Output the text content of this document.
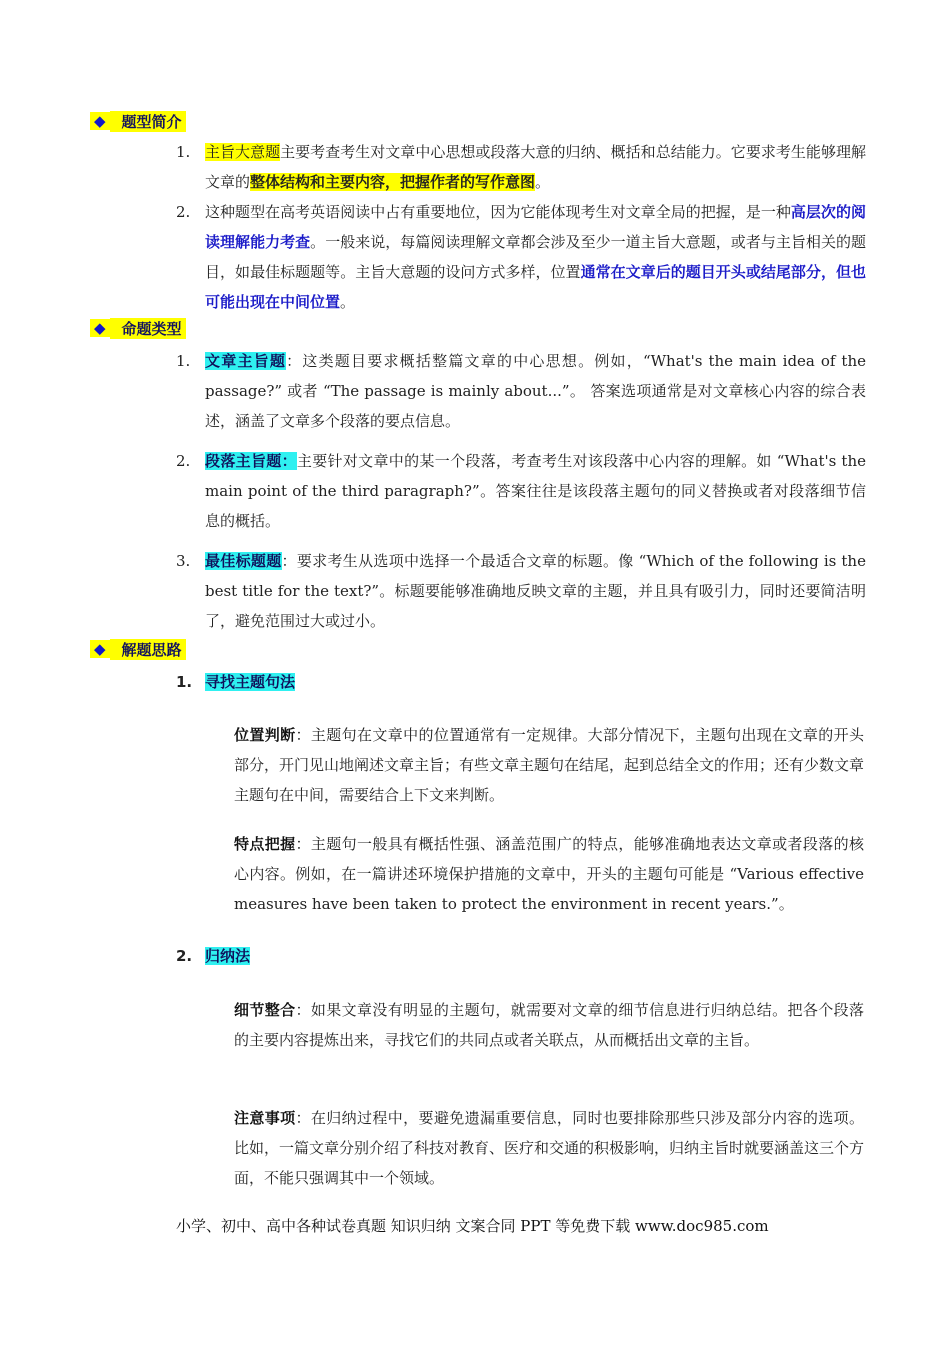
◆	题型简介
1. 主旨大意题主要考查考生对文章中心思想或段落大意的归纳、概括和总结能力。它要求考生能够理解文章的整体结构和主要内容，把握作者的写作意图。
2. 这种题型在高考英语阅读中占有重要地位，因为它能体现考生对文章全局的把握，是一种高层次的阅读理解能力考查。一般来说，每篇阅读理解文章都会涉及至少一道主旨大意题，或者与主旨相关的题目，如最佳标题题等。主旨大意题的设问方式多样，位置通常在文章后的题目开头或结尾部分，但也可能出现在中间位置。
◆	命题类型
1. 文章主旨题：这类题目要求概括整篇文章的中心思想。例如，“What's the main idea of the passage?” 或者 “The passage is mainly about...”。 答案选项通常是对文章核心内容的综合表述，涵盖了文章多个段落的要点信息。
2. 段落主旨题：主要针对文章中的某一个段落，考查考生对该段落中心内容的理解。如 “What's the main point of the third paragraph?”。答案往往是该段落主题句的同义替换或者对段落细节信息的概括。
3. 最佳标题题：要求考生从选项中选择一个最适合文章的标题。像 “Which of the following is the best title for the text?”。标题要能够准确地反映文章的主题，并且具有吸引力，同时还要简洁明了，避免范围过大或过小。
◆	解题思路
1. 寻找主题句法
位置判断：主题句在文章中的位置通常有一定规律。大部分情况下，主题句出现在文章的开头部分，开门见山地阐述文章主旨；有些文章主题句在结尾，起到总结全文的作用；还有少数文章主题句在中间，需要结合上下文来判断。
特点把握：主题句一般具有概括性强、涵盖范围广的特点，能够准确地表达文章或者段落的核心内容。例如，在一篇讲述环境保护措施的文章中，开头的主题句可能是 “Various effective measures have been taken to protect the environment in recent years.”。
2. 归纳法
细节整合：如果文章没有明显的主题句，就需要对文章的细节信息进行归纳总结。把各个段落的主要内容提炼出来，寻找它们的共同点或者关联点，从而概括出文章的主旨。
注意事项：在归纳过程中，要避免遗漏重要信息，同时也要排除那些只涉及部分内容的选项。比如，一篇文章分别介绍了科技对教育、医疗和交通的积极影响，归纳主旨时就要涵盖这三个方面，不能只强调其中一个领域。
小学、初中、高中各种试卷真题 知识归纳 文案合同 PPT 等免费下载 www.doc985.com
